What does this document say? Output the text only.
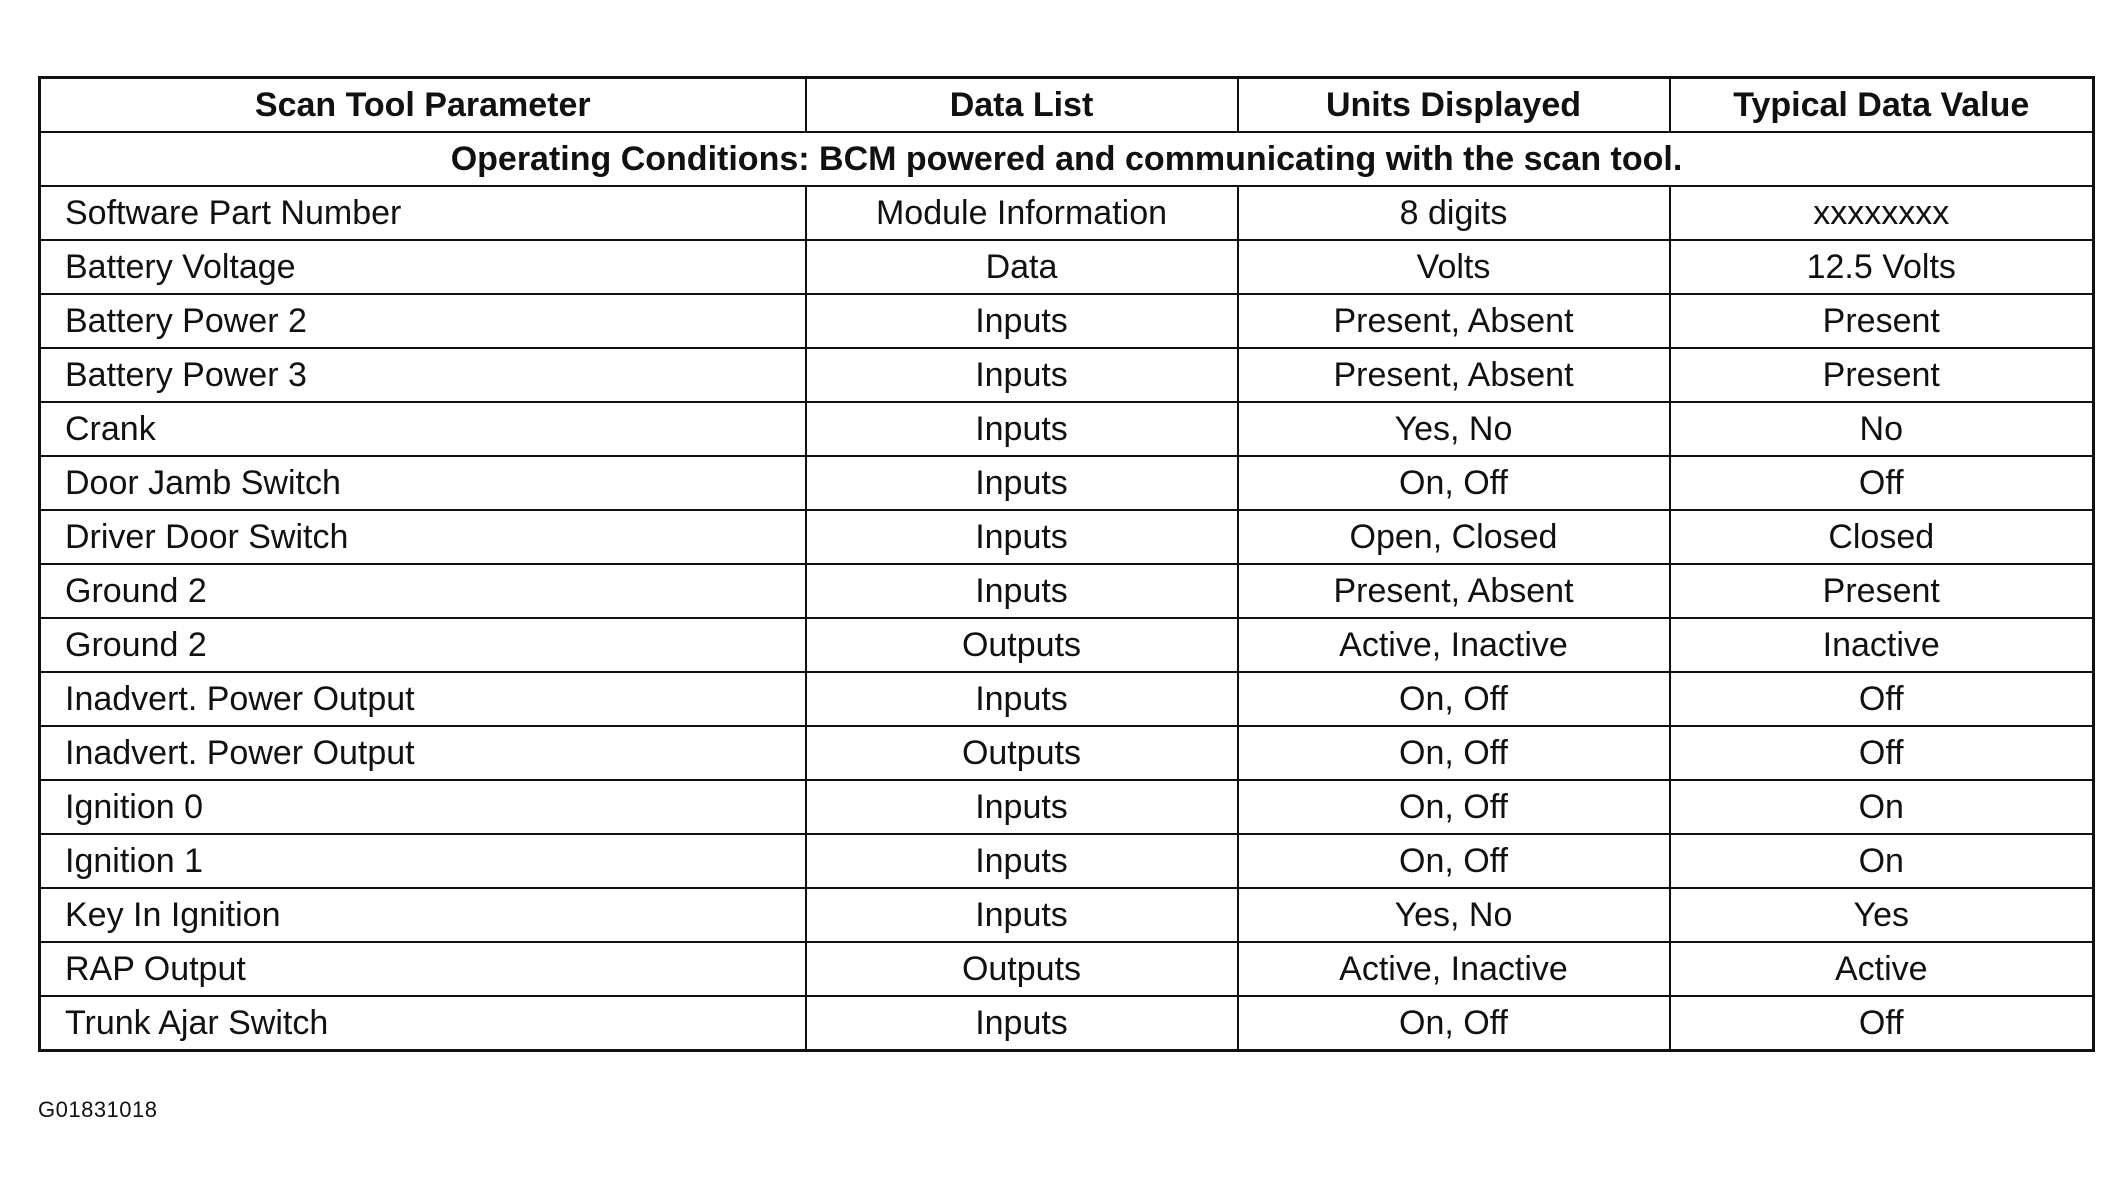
Scan Tool Parameter	Data List	Units Displayed	Typical Data Value
Operating Conditions: BCM powered and communicating with the scan tool.			
Software Part Number	Module Information	8 digits	xxxxxxxx
Battery Voltage	Data	Volts	12.5 Volts
Battery Power 2	Inputs	Present, Absent	Present
Battery Power 3	Inputs	Present, Absent	Present
Crank	Inputs	Yes, No	No
Door Jamb Switch	Inputs	On, Off	Off
Driver Door Switch	Inputs	Open, Closed	Closed
Ground 2	Inputs	Present, Absent	Present
Ground 2	Outputs	Active, Inactive	Inactive
Inadvert. Power Output	Inputs	On, Off	Off
Inadvert. Power Output	Outputs	On, Off	Off
Ignition 0	Inputs	On, Off	On
Ignition 1	Inputs	On, Off	On
Key In Ignition	Inputs	Yes, No	Yes
RAP Output	Outputs	Active, Inactive	Active
Trunk Ajar Switch	Inputs	On, Off	Off
G01831018
